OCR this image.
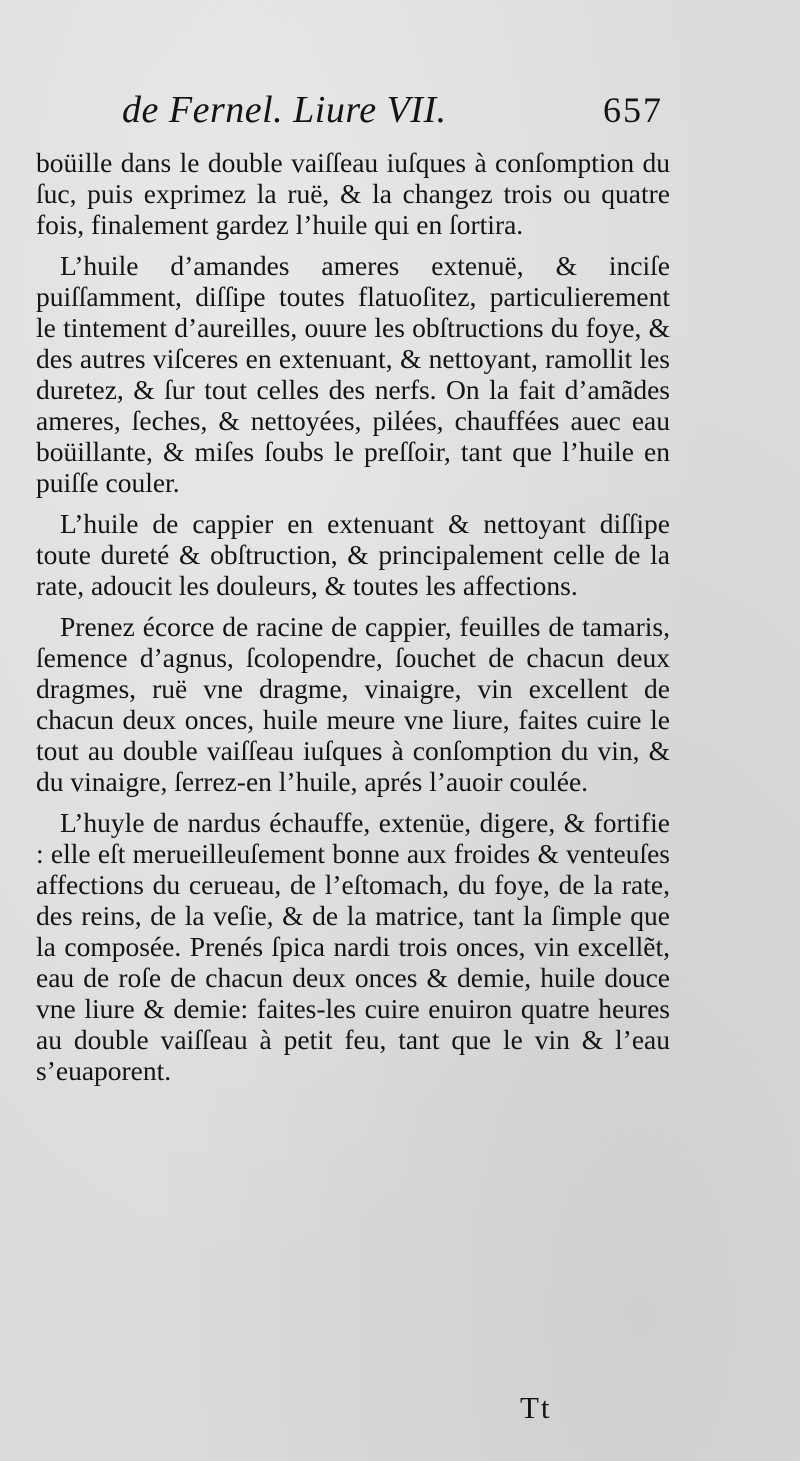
de Fernel. Liure VII.	657

boüille dans le double vaiſſeau iuſques à conſomption du ſuc, puis exprimez la ruë, & la changez trois ou quatre fois, finalement gardez l’huile qui en ſortira.

L’huile d’amandes ameres extenuë, & inciſe puiſſamment, diſſipe toutes flatuoſitez, particulierement le tintement d’aureilles, ouure les obſtructions du foye, & des autres viſceres en extenuant, & nettoyant, ramollit les duretez, & ſur tout celles des nerfs. On la fait d’amãdes ameres, ſeches, & nettoyées, pilées, chauffées auec eau boüillante, & miſes ſoubs le preſſoir, tant que l’huile en puiſſe couler.

L’huile de cappier en extenuant & nettoyant diſſipe toute dureté & obſtruction, & principalement celle de la rate, adoucit les douleurs, & toutes les affections.

Prenez écorce de racine de cappier, feuilles de tamaris, ſemence d’agnus, ſcolopendre, ſouchet de chacun deux dragmes, ruë vne dragme, vinaigre, vin excellent de chacun deux onces, huile meure vne liure, faites cuire le tout au double vaiſſeau iuſques à conſomption du vin, & du vinaigre, ſerrez-en l’huile, aprés l’auoir coulée.

L’huyle de nardus échauffe, extenüe, digere, & fortifie : elle eſt merueilleuſement bonne aux froides & venteuſes affections du cerueau, de l’eſtomach, du foye, de la rate, des reins, de la veſie, & de la matrice, tant la ſimple que la composée. Prenés ſpica nardi trois onces, vin excellẽt, eau de roſe de chacun deux onces & demie, huile douce vne liure & demie: faites-les cuire enuiron quatre heures au double vaiſſeau à petit feu, tant que le vin & l’eau s’euaporent.

Tt
